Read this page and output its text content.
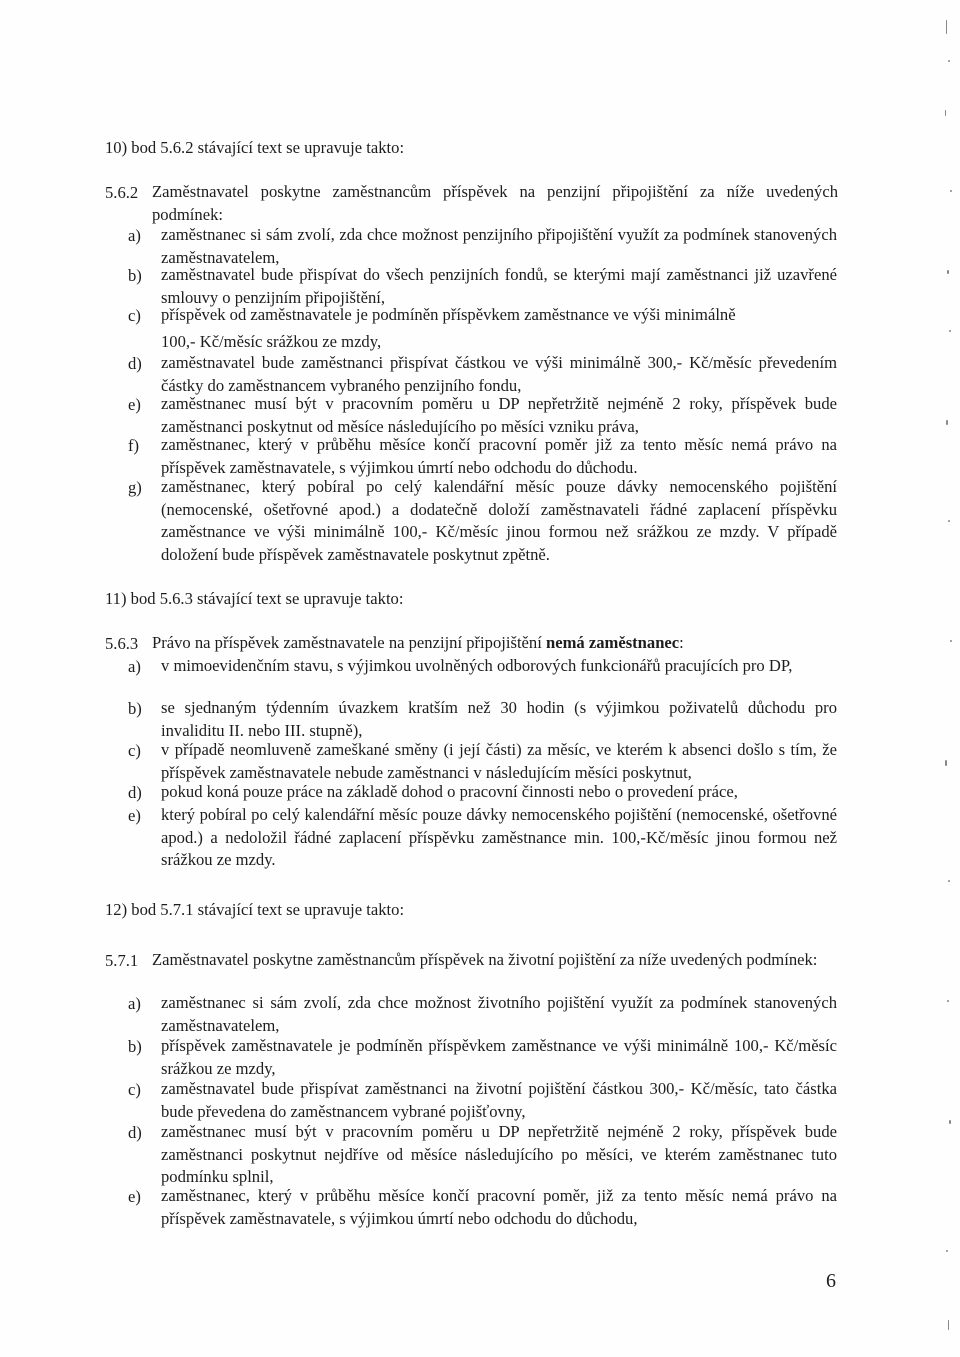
10) bod 5.6.2 stávající text se upravuje takto:
5.6.2 Zaměstnavatel poskytne zaměstnancům příspěvek na penzijní připojištění za níže uvedených podmínek:
a) zaměstnanec si sám zvolí, zda chce možnost penzijního připojištění využít za podmínek stanovených zaměstnavatelem,
b) zaměstnavatel bude přispívat do všech penzijních fondů, se kterými mají zaměstnanci již uzavřené smlouvy o penzijním připojištění,
c) příspěvek od zaměstnavatele je podmíněn příspěvkem zaměstnance ve výši minimálně
100,- Kč/měsíc srážkou ze mzdy,
d) zaměstnavatel bude zaměstnanci přispívat částkou ve výši minimálně 300,- Kč/měsíc převedením částky do zaměstnancem vybraného penzijního fondu,
e) zaměstnanec musí být v pracovním poměru u DP nepřetržitě nejméně 2 roky, příspěvek bude zaměstnanci poskytnut od měsíce následujícího po měsíci vzniku práva,
f) zaměstnanec, který v průběhu měsíce končí pracovní poměr již za tento měsíc nemá právo na příspěvek zaměstnavatele, s výjimkou úmrtí nebo odchodu do důchodu.
g) zaměstnanec, který pobíral po celý kalendářní měsíc pouze dávky nemocenského pojištění (nemocenské, ošetřovné apod.) a dodatečně doloží zaměstnavateli řádné zaplacení příspěvku zaměstnance ve výši minimálně 100,- Kč/měsíc jinou formou než srážkou ze mzdy. V případě doložení bude příspěvek zaměstnavatele poskytnut zpětně.
11) bod 5.6.3 stávající text se upravuje takto:
5.6.3 Právo na příspěvek zaměstnavatele na penzijní připojištění nemá zaměstnanec:
a) v mimoevidenčním stavu, s výjimkou uvolněných odborových funkcionářů pracujících pro DP,
b) se sjednaným týdenním úvazkem kratším než 30 hodin (s výjimkou poživatelů důchodu pro invaliditu II. nebo III. stupně),
c) v případě neomluveně zameškané směny (i její části) za měsíc, ve kterém k absenci došlo s tím, že příspěvek zaměstnavatele nebude zaměstnanci v následujícím měsíci poskytnut,
d) pokud koná pouze práce na základě dohod o pracovní činnosti nebo o provedení práce,
e) který pobíral po celý kalendářní měsíc pouze dávky nemocenského pojištění (nemocenské, ošetřovné apod.) a nedoložil řádné zaplacení příspěvku zaměstnance min. 100,-Kč/měsíc jinou formou než srážkou ze mzdy.
12) bod 5.7.1 stávající text se upravuje takto:
5.7.1 Zaměstnavatel poskytne zaměstnancům příspěvek na životní pojištění za níže uvedených podmínek:
a) zaměstnanec si sám zvolí, zda chce možnost životního pojištění využít za podmínek stanovených zaměstnavatelem,
b) příspěvek zaměstnavatele je podmíněn příspěvkem zaměstnance ve výši minimálně 100,- Kč/měsíc srážkou ze mzdy,
c) zaměstnavatel bude přispívat zaměstnanci na životní pojištění částkou 300,- Kč/měsíc, tato částka bude převedena do zaměstnancem vybrané pojišťovny,
d) zaměstnanec musí být v pracovním poměru u DP nepřetržitě nejméně 2 roky, příspěvek bude zaměstnanci poskytnut nejdříve od měsíce následujícího po měsíci, ve kterém zaměstnanec tuto podmínku splnil,
e) zaměstnanec, který v průběhu měsíce končí pracovní poměr, již za tento měsíc nemá právo na příspěvek zaměstnavatele, s výjimkou úmrtí nebo odchodu do důchodu,
6
